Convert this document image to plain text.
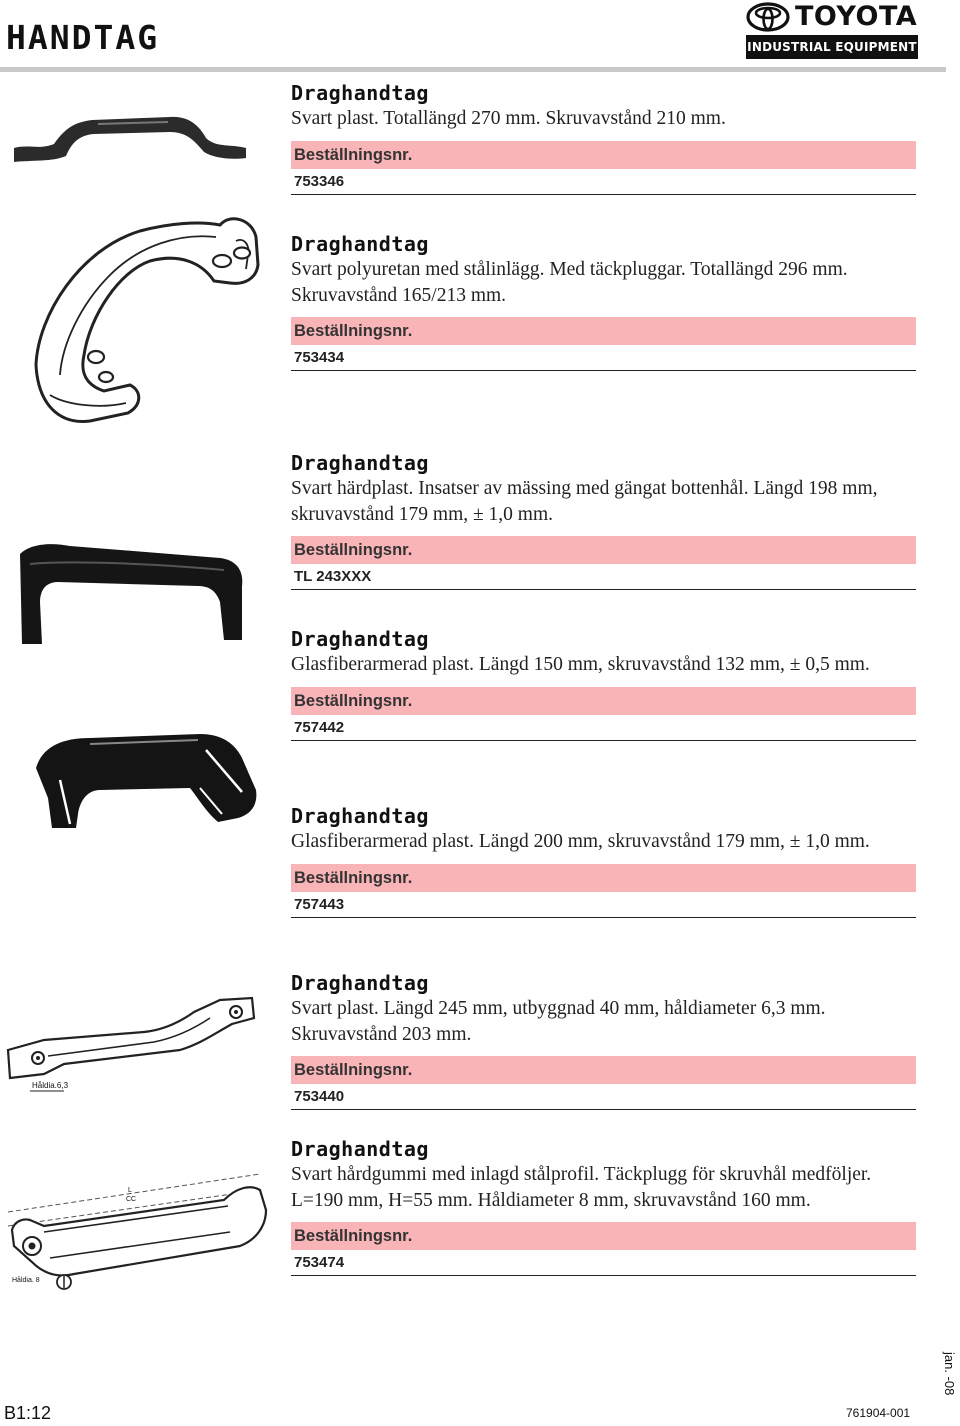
HANDTAG
TOYOTA
INDUSTRIAL EQUIPMENT
Håldia.6,3
L
CC
Håldia. 8
Draghandtag
Svart plast. Totallängd 270 mm. Skruvavstånd 210 mm.
Beställningsnr.
753346
Draghandtag
Svart polyuretan med stålinlägg. Med täckpluggar. Totallängd 296 mm. Skruvavstånd 165/213 mm.
Beställningsnr.
753434
Draghandtag
Svart härdplast. Insatser av mässing med gängat bottenhål. Längd 198 mm, skruvavstånd 179 mm, ± 1,0 mm.
Beställningsnr.
TL 243XXX
Draghandtag
Glasfiberarmerad plast. Längd 150 mm, skruvavstånd 132 mm, ± 0,5 mm.
Beställningsnr.
757442
Draghandtag
Glasfiberarmerad plast. Längd 200 mm, skruvavstånd 179 mm, ± 1,0 mm.
Beställningsnr.
757443
Draghandtag
Svart plast. Längd 245 mm, utbyggnad 40 mm, håldiameter 6,3 mm. Skruvavstånd 203 mm.
Beställningsnr.
753440
Draghandtag
Svart hårdgummi med inlagd stålprofil. Täckplugg för skruvhål medföljer. L=190 mm, H=55 mm. Håldiameter 8 mm, skruvavstånd 160 mm.
Beställningsnr.
753474
B1:12	761904-001
jan. -08
